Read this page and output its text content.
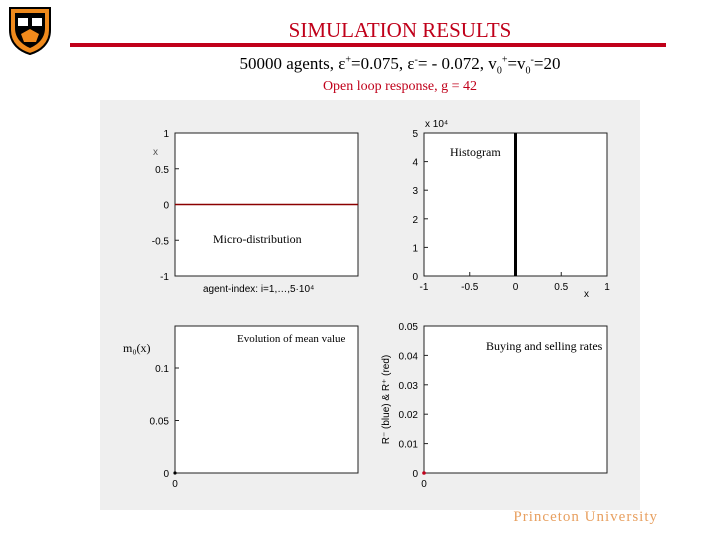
SIMULATION RESULTS
50000 agents, ε+=0.075, ε-= - 0.072, $v_0^+=v_0^-=20$
Open loop response, g = 42
1
0.5
0
-0.5
-1
Micro-distribution
x
agent-index: i=1,…,5·10⁴
5
4
3
2
1
0
-1	-0.5	0	0.5	1
Histogram
x 10⁴
x
0.1
0.05
0
0
Evolution of mean value
m₀(x)
0.05
0.04
0.03
0.02
0.01
0
0
Buying and selling rates
R⁻ (blue) & R⁺ (red)
Princeton University
